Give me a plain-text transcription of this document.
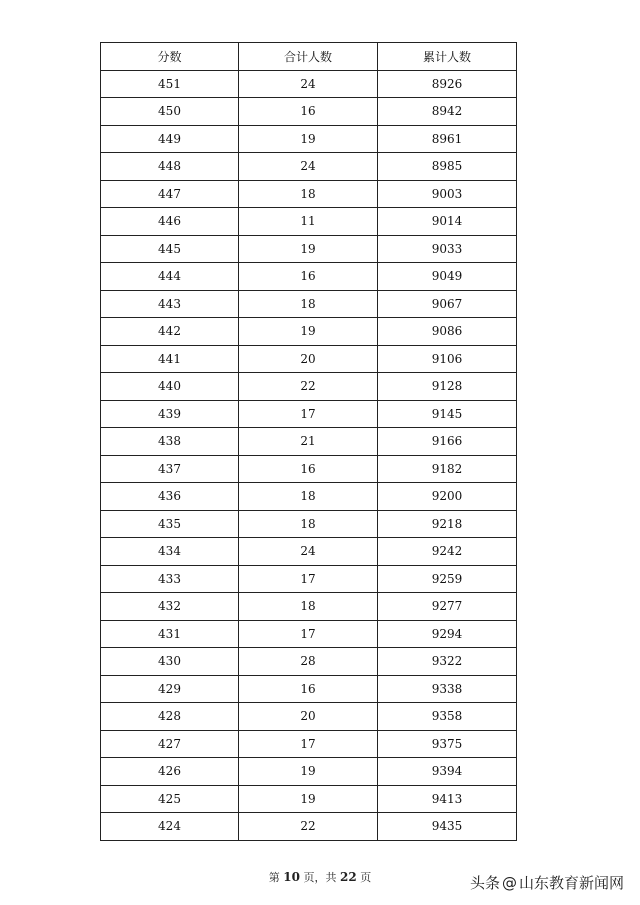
分数	合计人数	累计人数
451	24	8926
450	16	8942
449	19	8961
448	24	8985
447	18	9003
446	11	9014
445	19	9033
444	16	9049
443	18	9067
442	19	9086
441	20	9106
440	22	9128
439	17	9145
438	21	9166
437	16	9182
436	18	9200
435	18	9218
434	24	9242
433	17	9259
432	18	9277
431	17	9294
430	28	9322
429	16	9338
428	20	9358
427	17	9375
426	19	9394
425	19	9413
424	22	9435
第 10 页，共 22 页	头条 @ 山东教育新闻网
